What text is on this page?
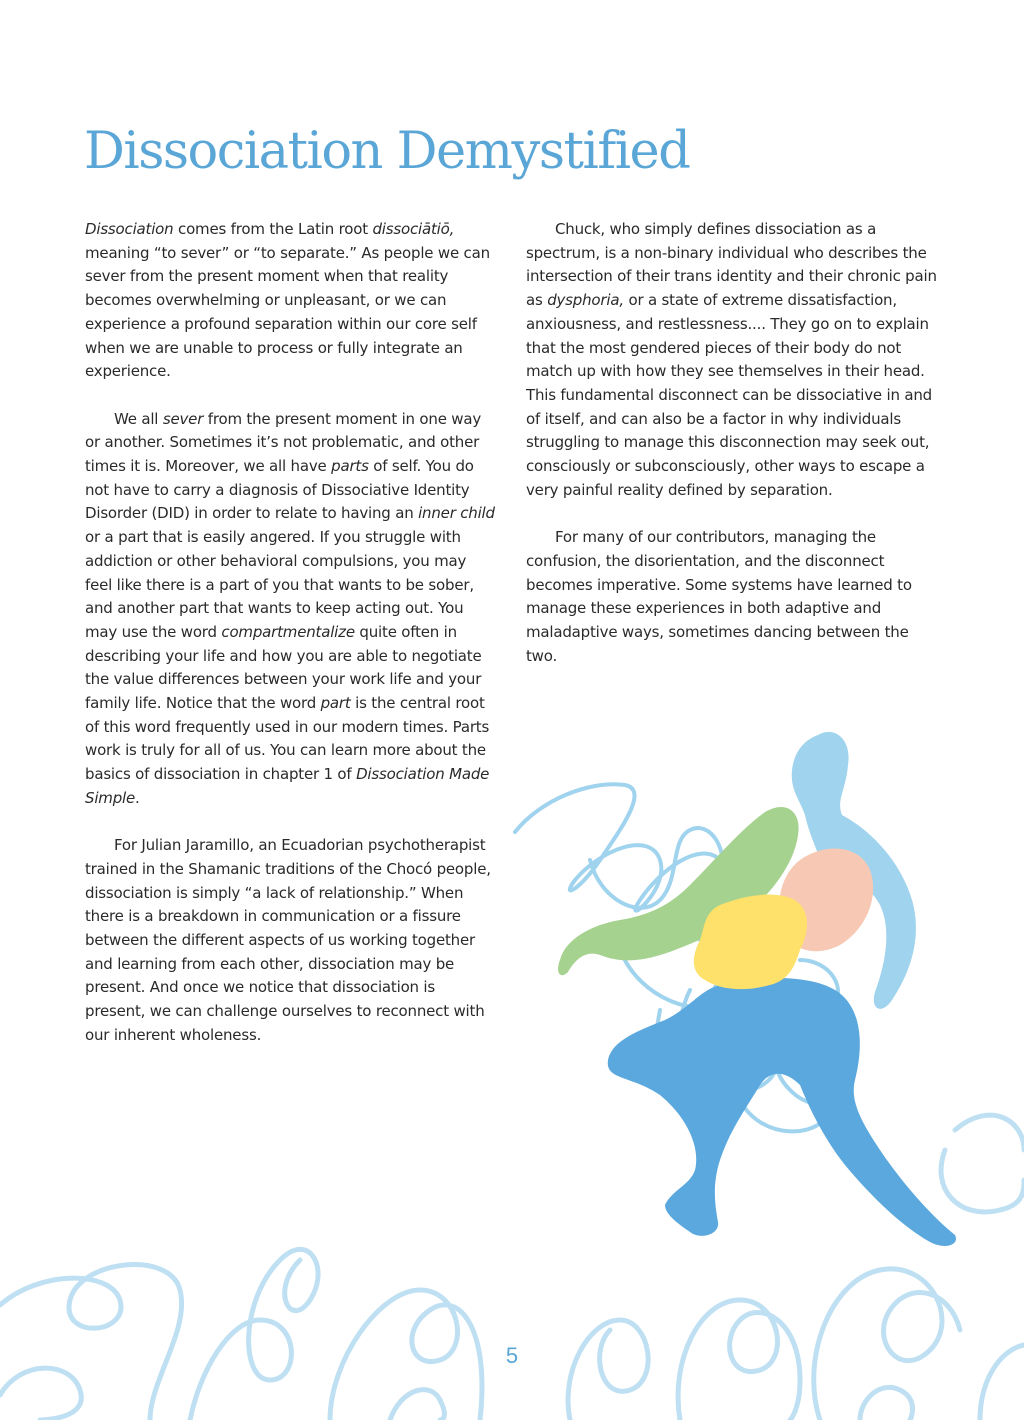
Dissociation Demystified

Dissociation comes from the Latin root dissociātiō, meaning “to sever” or “to separate.” As people we can sever from the present moment when that reality becomes overwhelming or unpleasant, or we can experience a profound separation within our core self when we are unable to process or fully integrate an experience.

We all sever from the present moment in one way or another. Sometimes it’s not problematic, and other times it is. Moreover, we all have parts of self. You do not have to carry a diagnosis of Dissociative Identity Disorder (DID) in order to relate to having an inner child or a part that is easily angered. If you struggle with addiction or other behavioral compulsions, you may feel like there is a part of you that wants to be sober, and another part that wants to keep acting out. You may use the word compartmentalize quite often in describing your life and how you are able to negotiate the value differences between your work life and your family life. Notice that the word part is the central root of this word frequently used in our modern times. Parts work is truly for all of us. You can learn more about the basics of dissociation in chapter 1 of Dissociation Made Simple.

For Julian Jaramillo, an Ecuadorian psychotherapist trained in the Shamanic traditions of the Chocó people, dissociation is simply “a lack of relationship.” When there is a breakdown in communication or a fissure between the different aspects of us working together and learning from each other, dissociation may be present. And once we notice that dissociation is present, we can challenge ourselves to reconnect with our inherent wholeness.

Chuck, who simply defines dissociation as a spectrum, is a non-binary individual who describes the intersection of their trans identity and their chronic pain as dysphoria, or a state of extreme dissatisfaction, anxiousness, and restlessness.... They go on to explain that the most gendered pieces of their body do not match up with how they see themselves in their head. This fundamental disconnect can be dissociative in and of itself, and can also be a factor in why individuals struggling to manage this disconnection may seek out, consciously or subconsciously, other ways to escape a very painful reality defined by separation.

For many of our contributors, managing the confusion, the disorientation, and the disconnect becomes imperative. Some systems have learned to manage these experiences in both adaptive and maladaptive ways, sometimes dancing between the two.

5
